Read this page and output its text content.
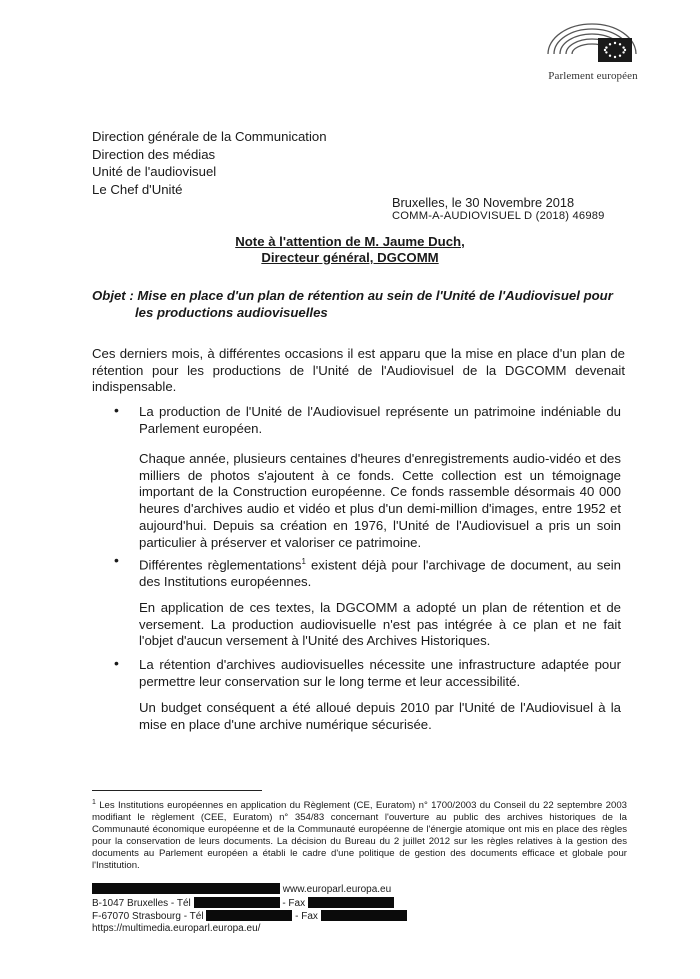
Parlement européen
Direction générale de la Communication
Direction des médias
Unité de l'audiovisuel
Le Chef d'Unité
Bruxelles, le 30 Novembre 2018
COMM-A-AUDIOVISUEL D (2018) 46989
Note à l'attention de M. Jaume Duch,
Directeur général, DGCOMM
Objet : Mise en place d'un plan de rétention au sein de l'Unité de l'Audiovisuel pour
les productions audiovisuelles
Ces derniers mois, à différentes occasions il est apparu que la mise en place d'un plan de rétention pour les productions de l'Unité de l'Audiovisuel de la DGCOMM devenait indispensable.
• La production de l'Unité de l'Audiovisuel représente un patrimoine indéniable du Parlement européen.
Chaque année, plusieurs centaines d'heures d'enregistrements audio-vidéo et des milliers de photos s'ajoutent à ce fonds. Cette collection est un témoignage important de la Construction européenne. Ce fonds rassemble désormais 40 000 heures d'archives audio et vidéo et plus d'un demi-million d'images, entre 1952 et aujourd'hui. Depuis sa création en 1976, l'Unité de l'Audiovisuel a pris un soin particulier à préserver et valoriser ce patrimoine.
• Différentes règlementations$^1$ existent déjà pour l'archivage de document, au sein des Institutions européennes.
En application de ces textes, la DGCOMM a adopté un plan de rétention et de versement. La production audiovisuelle n'est pas intégrée à ce plan et ne fait l'objet d'aucun versement à l'Unité des Archives Historiques.
• La rétention d'archives audiovisuelles nécessite une infrastructure adaptée pour permettre leur conservation sur le long terme et leur accessibilité.
Un budget conséquent a été alloué depuis 2010 par l'Unité de l'Audiovisuel à la mise en place d'une archive numérique sécurisée.
$^1$ Les Institutions européennes en application du Règlement (CE, Euratom) n° 1700/2003 du Conseil du 22 septembre 2003 modifiant le règlement (CEE, Euratom) n° 354/83 concernant l'ouverture au public des archives historiques de la Communauté économique européenne et de la Communauté européenne de l'énergie atomique ont mis en place des règles pour la conservation de leurs documents. La décision du Bureau du 2 juillet 2012 sur les règles relatives à la gestion des documents au Parlement européen a établi le cadre d'une politique de gestion des documents efficace et globale pour l'Institution.
www.europarl.europa.eu
B-1047 Bruxelles - Tél	- Fax
F-67070 Strasbourg - Tél	- Fax
https://multimedia.europarl.europa.eu/
